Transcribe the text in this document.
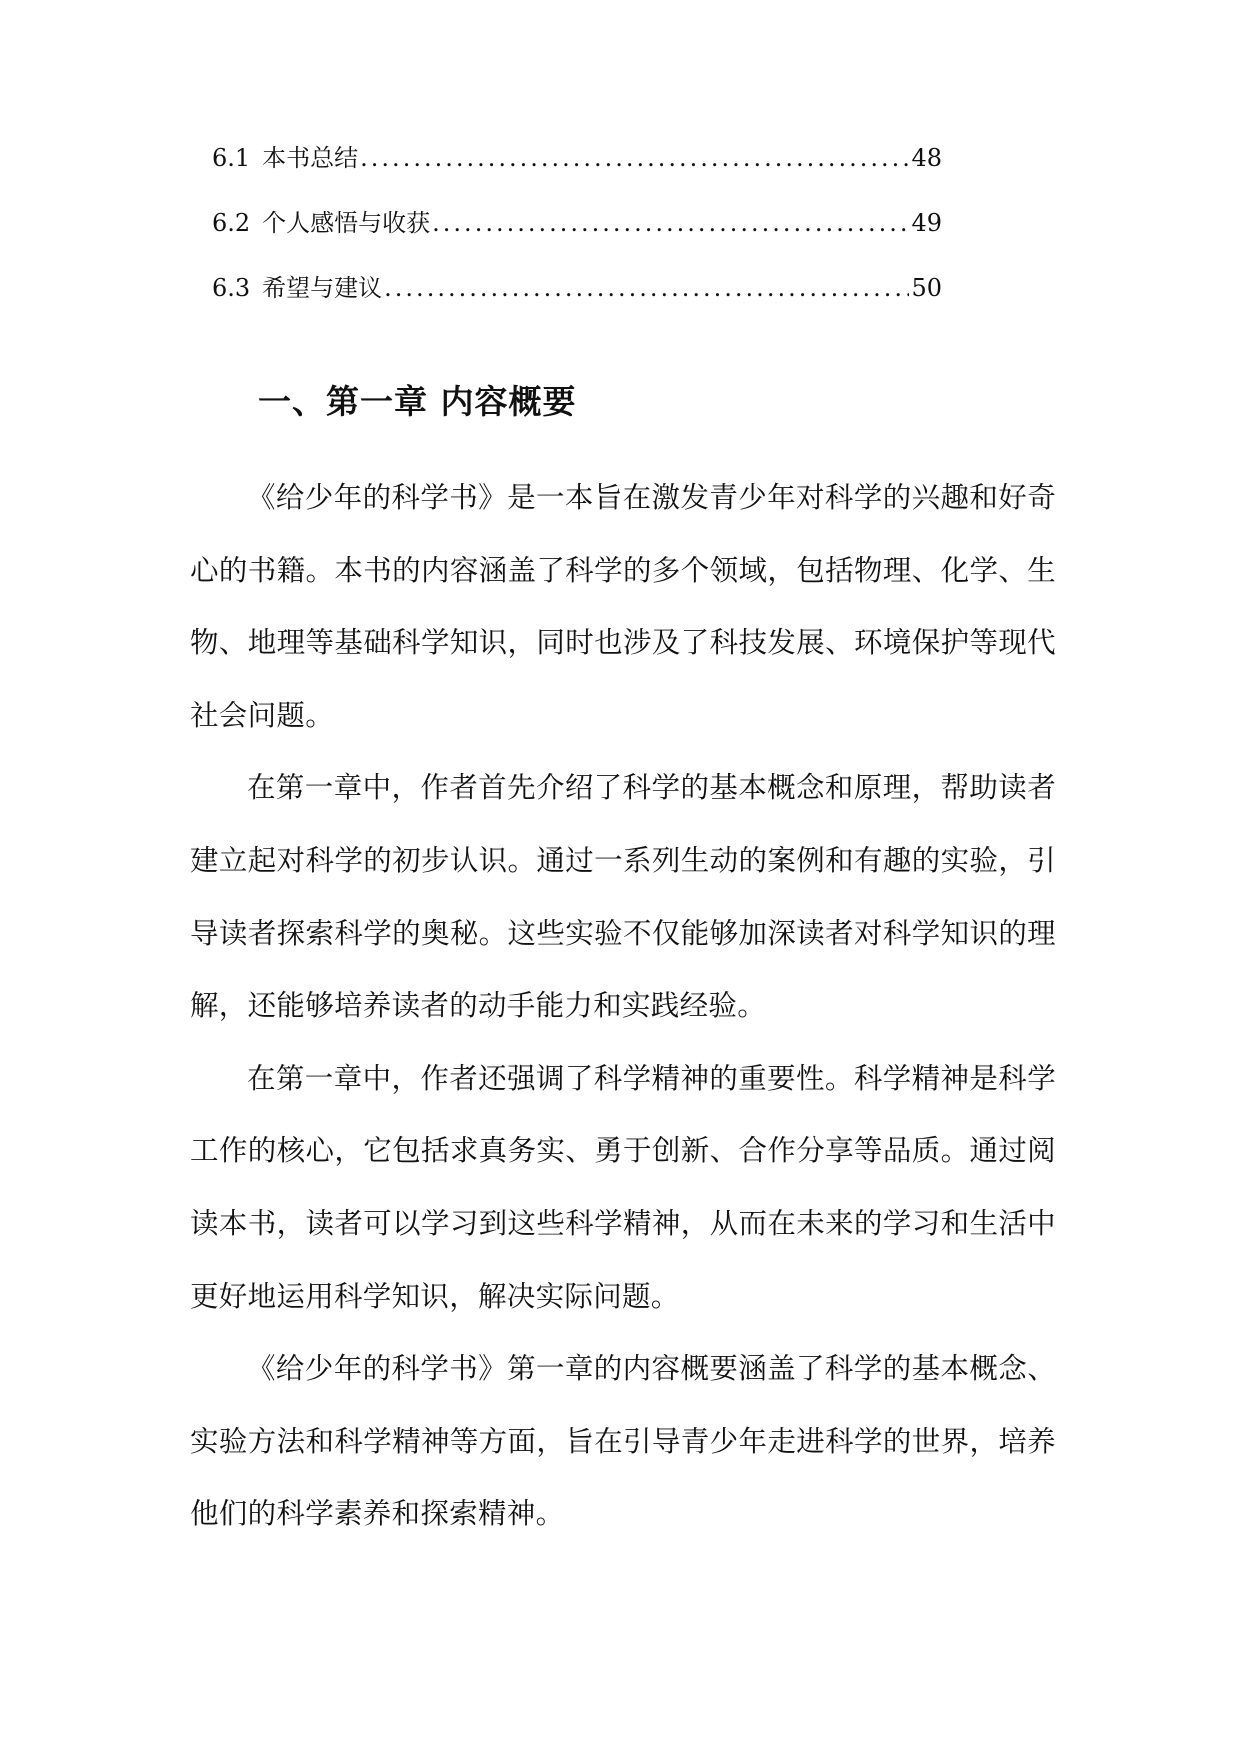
6.1 本书总结 .....	48
6.2 个人感悟与收获 .....	49
6.3 希望与建议 .....	50
一、第一章 内容概要

《给少年的科学书》是一本旨在激发青少年对科学的兴趣和好奇心的书籍。本书的内容涵盖了科学的多个领域，包括物理、化学、生物、地理等基础科学知识，同时也涉及了科技发展、环境保护等现代社会问题。

在第一章中，作者首先介绍了科学的基本概念和原理，帮助读者建立起对科学的初步认识。通过一系列生动的案例和有趣的实验，引导读者探索科学的奥秘。这些实验不仅能够加深读者对科学知识的理解，还能够培养读者的动手能力和实践经验。

在第一章中，作者还强调了科学精神的重要性。科学精神是科学工作的核心，它包括求真务实、勇于创新、合作分享等品质。通过阅读本书，读者可以学习到这些科学精神，从而在未来的学习和生活中更好地运用科学知识，解决实际问题。

《给少年的科学书》第一章的内容概要涵盖了科学的基本概念、实验方法和科学精神等方面，旨在引导青少年走进科学的世界，培养他们的科学素养和探索精神。
